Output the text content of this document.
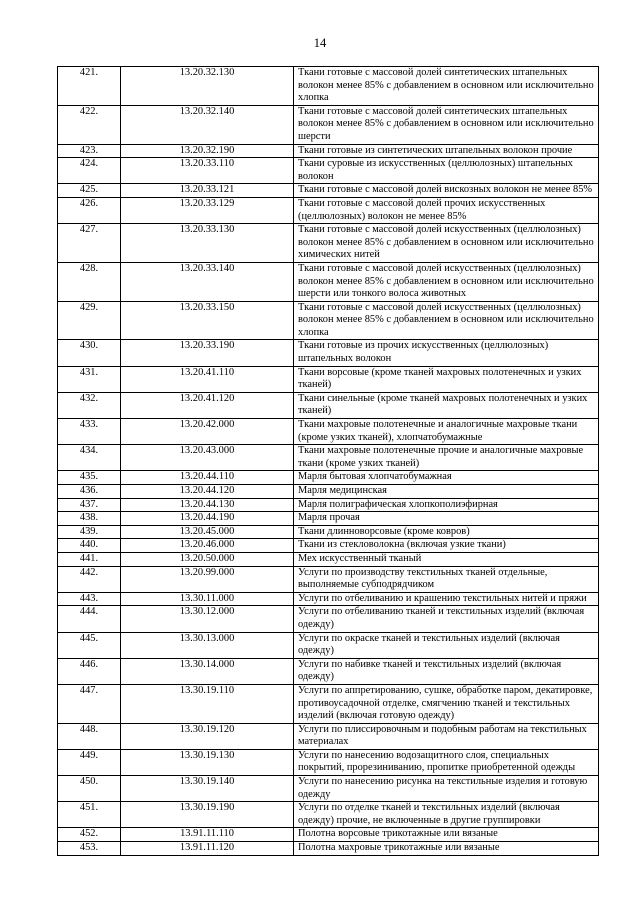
14
421.	13.20.32.130	Ткани готовые с массовой долей синтетических штапельных волокон менее 85% с добавлением в основном или исключительно хлопка
422.	13.20.32.140	Ткани готовые с массовой долей синтетических штапельных волокон менее 85% с добавлением в основном или исключительно шерсти
423.	13.20.32.190	Ткани готовые из синтетических штапельных волокон прочие
424.	13.20.33.110	Ткани суровые из искусственных (целлюлозных) штапельных волокон
425.	13.20.33.121	Ткани готовые с массовой долей вискозных волокон не менее 85%
426.	13.20.33.129	Ткани готовые с массовой долей прочих искусственных (целлюлозных) волокон не менее 85%
427.	13.20.33.130	Ткани готовые с массовой долей искусственных (целлюлозных) волокон менее 85% с добавлением в основном или исключительно химических нитей
428.	13.20.33.140	Ткани готовые с массовой долей искусственных (целлюлозных) волокон менее 85% с добавлением в основном или исключительно шерсти или тонкого волоса животных
429.	13.20.33.150	Ткани готовые с массовой долей искусственных (целлюлозных) волокон менее 85% с добавлением в основном или исключительно хлопка
430.	13.20.33.190	Ткани готовые из прочих искусственных (целлюлозных) штапельных волокон
431.	13.20.41.110	Ткани ворсовые (кроме тканей махровых полотенечных и узких тканей)
432.	13.20.41.120	Ткани синельные (кроме тканей махровых полотенечных и узких тканей)
433.	13.20.42.000	Ткани махровые полотенечные и аналогичные махровые ткани (кроме узких тканей), хлопчатобумажные
434.	13.20.43.000	Ткани махровые полотенечные прочие и аналогичные махровые ткани (кроме узких тканей)
435.	13.20.44.110	Марля бытовая хлопчатобумажная
436.	13.20.44.120	Марля медицинская
437.	13.20.44.130	Марля полиграфическая хлопкополиэфирная
438.	13.20.44.190	Марля прочая
439.	13.20.45.000	Ткани длинноворсовые (кроме ковров)
440.	13.20.46.000	Ткани из стекловолокна (включая узкие ткани)
441.	13.20.50.000	Мех искусственный тканый
442.	13.20.99.000	Услуги по производству текстильных тканей отдельные, выполняемые субподрядчиком
443.	13.30.11.000	Услуги по отбеливанию и крашению текстильных нитей и пряжи
444.	13.30.12.000	Услуги по отбеливанию тканей и текстильных изделий (включая одежду)
445.	13.30.13.000	Услуги по окраске тканей и текстильных изделий (включая одежду)
446.	13.30.14.000	Услуги по набивке тканей и текстильных изделий (включая одежду)
447.	13.30.19.110	Услуги по аппретированию, сушке, обработке паром, декатировке, противоусадочной отделке, смягчению тканей и текстильных изделий (включая готовую одежду)
448.	13.30.19.120	Услуги по плиссировочным и подобным работам на текстильных материалах
449.	13.30.19.130	Услуги по нанесению водозащитного слоя, специальных покрытий, прорезиниванию, пропитке приобретенной одежды
450.	13.30.19.140	Услуги по нанесению рисунка на текстильные изделия и готовую одежду
451.	13.30.19.190	Услуги по отделке тканей и текстильных изделий (включая одежду) прочие, не включенные в другие группировки
452.	13.91.11.110	Полотна ворсовые трикотажные или вязаные
453.	13.91.11.120	Полотна махровые трикотажные или вязаные
